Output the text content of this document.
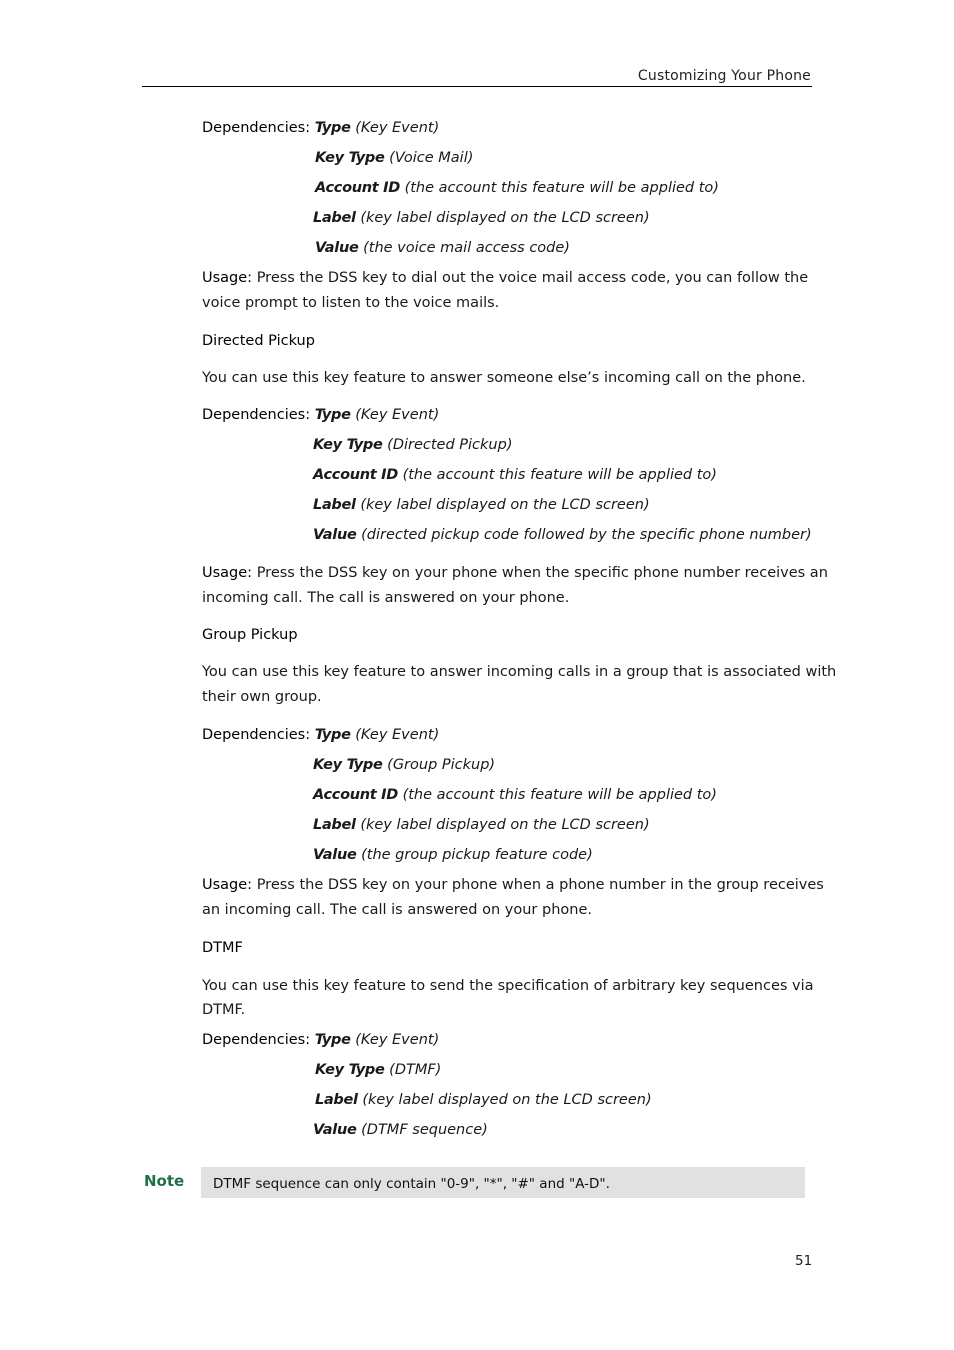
Customizing Your Phone
Dependencies: Type (Key Event)
Key Type (Voice Mail)
Account ID (the account this feature will be applied to)
Label (key label displayed on the LCD screen)
Value (the voice mail access code)
Usage: Press the DSS key to dial out the voice mail access code, you can follow the
voice prompt to listen to the voice mails.
Directed Pickup
You can use this key feature to answer someone else’s incoming call on the phone.
Dependencies: Type (Key Event)
Key Type (Directed Pickup)
Account ID (the account this feature will be applied to)
Label (key label displayed on the LCD screen)
Value (directed pickup code followed by the specific phone number)
Usage: Press the DSS key on your phone when the specific phone number receives an
incoming call. The call is answered on your phone.
Group Pickup
You can use this key feature to answer incoming calls in a group that is associated with
their own group.
Dependencies: Type (Key Event)
Key Type (Group Pickup)
Account ID (the account this feature will be applied to)
Label (key label displayed on the LCD screen)
Value (the group pickup feature code)
Usage: Press the DSS key on your phone when a phone number in the group receives
an incoming call. The call is answered on your phone.
DTMF
You can use this key feature to send the specification of arbitrary key sequences via
DTMF.
Dependencies: Type (Key Event)
Key Type (DTMF)
Label (key label displayed on the LCD screen)
Value (DTMF sequence)
Note DTMF sequence can only contain "0-9", "*", "#" and "A-D".
51
